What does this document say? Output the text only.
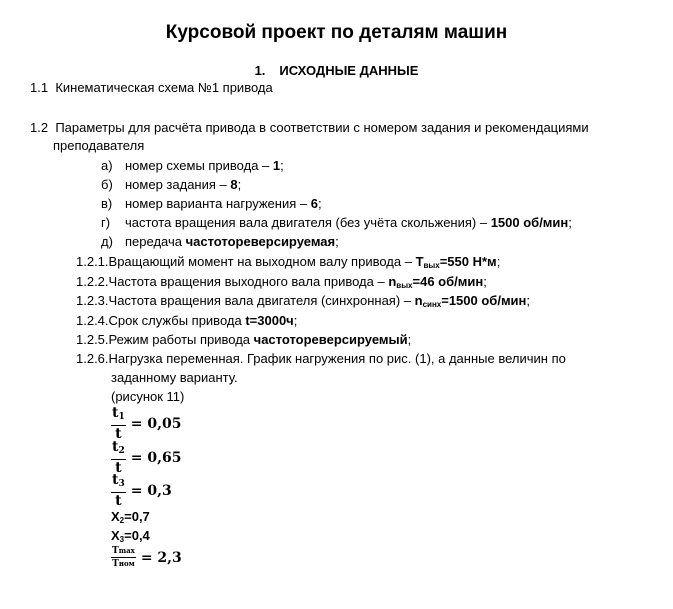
Курсовой проект по деталям машин
1. ИСХОДНЫЕ ДАННЫЕ
1.1 Кинематическая схема №1 привода
1.2 Параметры для расчёта привода в соответствии с номером задания и рекомендациями
преподавателя
а) номер схемы привода – 1;
б) номер задания – 8;
в) номер варианта нагружения – 6;
г) частота вращения вала двигателя (без учёта скольжения) – 1500 об/мин;
д) передача частотореверсируемая;
1.2.1.Вращающий момент на выходном валу привода – $T_{вых}=550$ Н*м;
1.2.2.Частота вращения выходного вала привода – $n_{вых}=46$ об/мин;
1.2.3.Частота вращения вала двигателя (синхронная) – $n_{синх}=1500$ об/мин;
1.2.4.Срок службы привода t=3000ч;
1.2.5.Режим работы привода частотореверсируемый;
1.2.6.Нагрузка переменная. График нагружения по рис. (1), а данные величин по
заданному варианту.
(рисунок 11)
$\frac{t_1}{t} = 0,05$
$\frac{t_2}{t} = 0,65$
$\frac{t_3}{t} = 0,3$
$X_2=0,7$
$X_3=0,4$
Tmax
Tном = 2,3
